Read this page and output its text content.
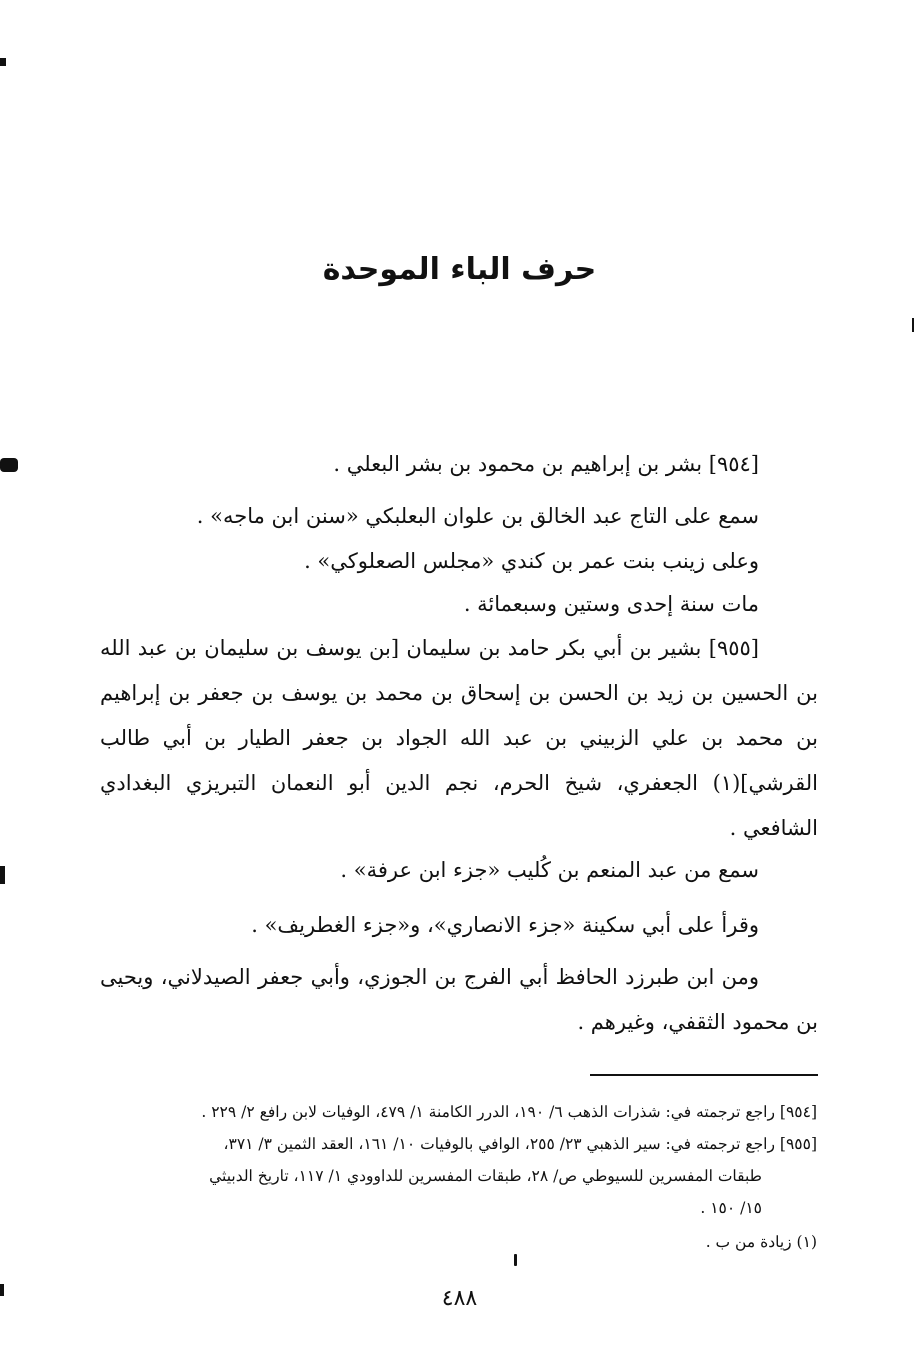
حرف الباء الموحدة
[٩٥٤] بشر بن إبراهيم بن محمود بن بشر البعلي .
سمع على التاج عبد الخالق بن علوان البعلبكي «سنن ابن ماجه» .
وعلى زينب بنت عمر بن كندي «مجلس الصعلوكي» .
مات سنة إحدى وستين وسبعمائة .
[٩٥٥] بشير بن أبي بكر حامد بن سليمان [بن يوسف بن سليمان بن عبد الله بن الحسين بن زيد بن الحسن بن إسحاق بن محمد بن يوسف بن جعفر بن إبراهيم بن محمد بن علي الزبيني بن عبد الله الجواد بن جعفر الطيار بن أبي طالب القرشي](١) الجعفري، شيخ الحرم، نجم الدين أبو النعمان التبريزي البغدادي الشافعي .
سمع من عبد المنعم بن كُليب «جزء ابن عرفة» .
وقرأ على أبي سكينة «جزء الانصاري»، و«جزء الغطريف» .
ومن ابن طبرزد الحافظ أبي الفرج بن الجوزي، وأبي جعفر الصيدلاني، ويحيى بن محمود الثقفي، وغيرهم .
[٩٥٤] راجع ترجمته في: شذرات الذهب ٦/ ١٩٠، الدرر الكامنة ١/ ٤٧٩، الوفيات لابن رافع ٢/ ٢٢٩ .
[٩٥٥] راجع ترجمته في: سير الذهبي ٢٣/ ٢٥٥، الوافي بالوفيات ١٠/ ١٦١، العقد الثمين ٣/ ٣٧١،
طبقات المفسرين للسيوطي ص/ ٢٨، طبقات المفسرين للداوودي ١/ ١١٧، تاريخ الدبيثي
١٥/ ١٥٠ .
(١) زيادة من ب .
٤٨٨
